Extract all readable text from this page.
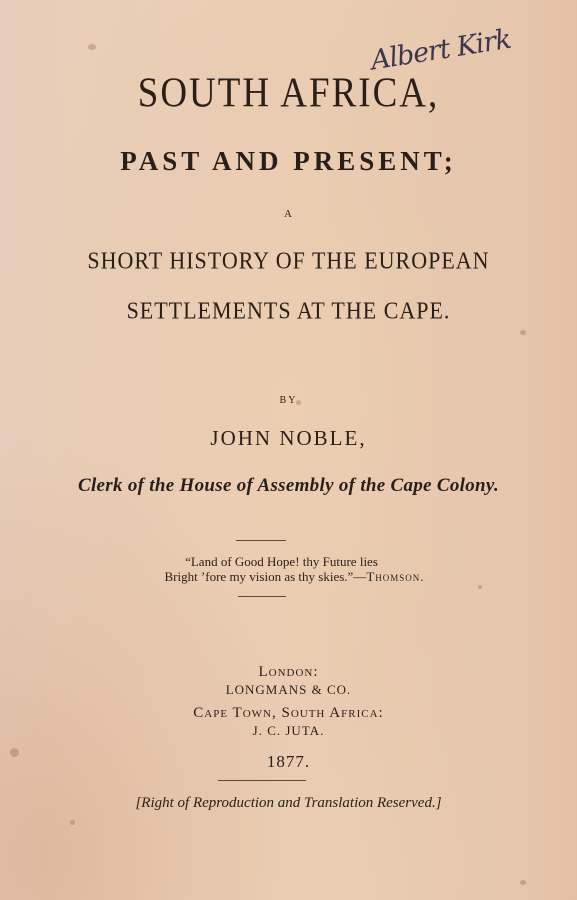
Albert Kirk
SOUTH AFRICA,
PAST AND PRESENT;
A
SHORT HISTORY OF THE EUROPEAN
SETTLEMENTS AT THE CAPE.
BY
JOHN NOBLE,
Clerk of the House of Assembly of the Cape Colony.
“Land of Good Hope! thy Future lies
Bright ’fore my vision as thy skies.”—Thomson.
London:
LONGMANS & CO.
Cape Town, South Africa:
J. C. JUTA.
1877.
[Right of Reproduction and Translation Reserved.]
